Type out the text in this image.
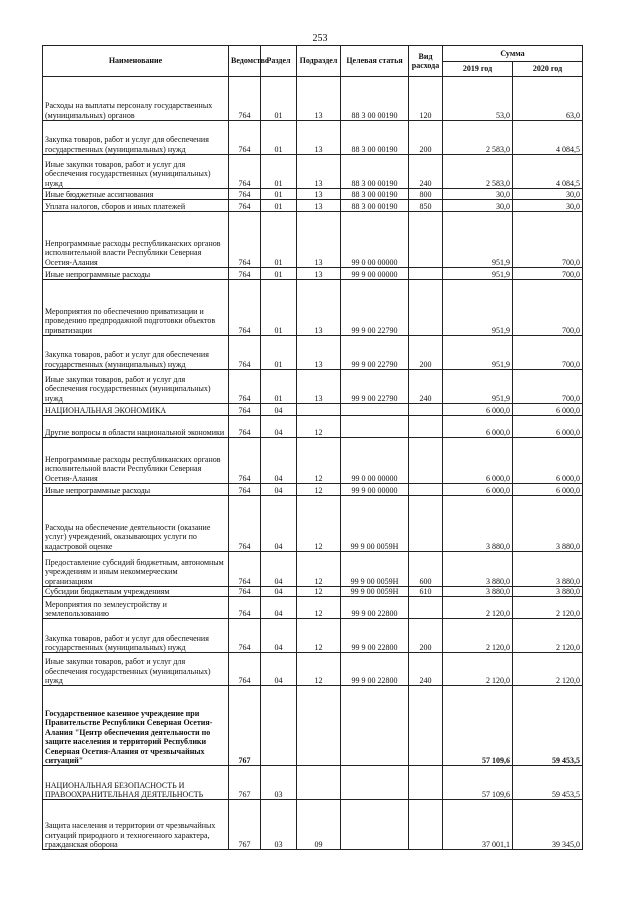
253
Наименование	Ведомство	Раздел	Подраздел	Целевая статья	Вид расхода	Сумма	
						2019 год	2020 год
Расходы на выплаты персоналу государственных (муниципальных) органов	764	01	13	88 3 00 00190	120	53,0	63,0
Закупка товаров, работ и услуг для обеспечения государственных (муниципальных) нужд	764	01	13	88 3 00 00190	200	2 583,0	4 084,5
Иные закупки товаров, работ и услуг для обеспечения государственных (муниципальных) нужд	764	01	13	88 3 00 00190	240	2 583,0	4 084,5
Иные бюджетные ассигнования	764	01	13	88 3 00 00190	800	30,0	30,0
Уплата налогов, сборов и иных платежей	764	01	13	88 3 00 00190	850	30,0	30,0
Непрограммные расходы республиканских органов исполнительной власти Республики Северная Осетия-Алания	764	01	13	99 0 00 00000		951,9	700,0
Иные непрограммные расходы	764	01	13	99 9 00 00000		951,9	700,0
Мероприятия по обеспечению приватизации и проведению предпродажной подготовки объектов приватизации	764	01	13	99 9 00 22790		951,9	700,0
Закупка товаров, работ и услуг для обеспечения государственных (муниципальных) нужд	764	01	13	99 9 00 22790	200	951,9	700,0
Иные закупки товаров, работ и услуг для обеспечения государственных (муниципальных) нужд	764	01	13	99 9 00 22790	240	951,9	700,0
НАЦИОНАЛЬНАЯ ЭКОНОМИКА	764	04				6 000,0	6 000,0
Другие вопросы в области национальной экономики	764	04	12			6 000,0	6 000,0
Непрограммные расходы республиканских органов исполнительной власти Республики Северная Осетия-Алания	764	04	12	99 0 00 00000		6 000,0	6 000,0
Иные непрограммные расходы	764	04	12	99 9 00 00000		6 000,0	6 000,0
Расходы на обеспечение деятельности (оказание услуг) учреждений, оказывающих услуги по кадастровой оценке	764	04	12	99 9 00 0059Н		3 880,0	3 880,0
Предоставление субсидий бюджетным, автономным учреждениям и иным некоммерческим организациям	764	04	12	99 9 00 0059Н	600	3 880,0	3 880,0
Субсидии бюджетным учреждениям	764	04	12	99 9 00 0059Н	610	3 880,0	3 880,0
Мероприятия по землеустройству и землепользованию	764	04	12	99 9 00 22800		2 120,0	2 120,0
Закупка товаров, работ и услуг для обеспечения государственных (муниципальных) нужд	764	04	12	99 9 00 22800	200	2 120,0	2 120,0
Иные закупки товаров, работ и услуг для обеспечения государственных (муниципальных) нужд	764	04	12	99 9 00 22800	240	2 120,0	2 120,0
Государственное казенное учреждение при Правительстве Республики Северная Осетия-Алания "Центр обеспечения деятельности по защите населения и территорий Республики Северная Осетия-Алания от чрезвычайных ситуаций"	767					57 109,6	59 453,5
НАЦИОНАЛЬНАЯ БЕЗОПАСНОСТЬ И ПРАВООХРАНИТЕЛЬНАЯ ДЕЯТЕЛЬНОСТЬ	767	03				57 109,6	59 453,5
Защита населения и территории от чрезвычайных ситуаций природного и техногенного характера, гражданская оборона	767	03	09			37 001,1	39 345,0
